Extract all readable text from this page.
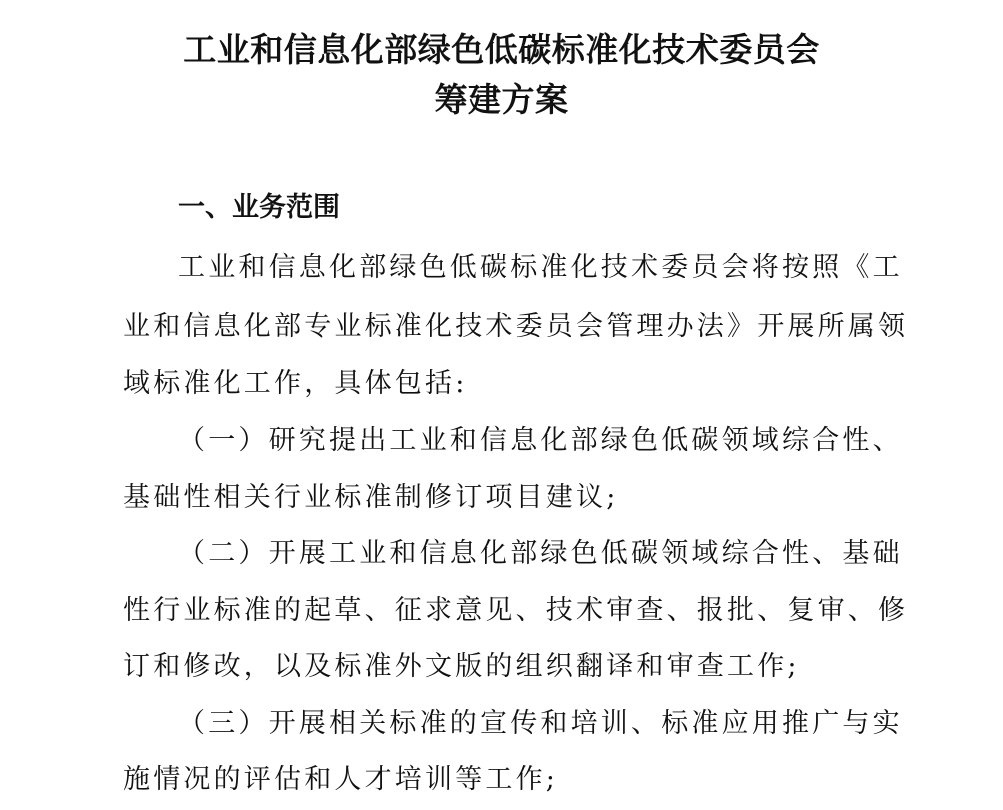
工业和信息化部绿色低碳标准化技术委员会
筹建方案
一、业务范围
工业和信息化部绿色低碳标准化技术委员会将按照《工
业和信息化部专业标准化技术委员会管理办法》开展所属领
域标准化工作，具体包括:
（一）研究提出工业和信息化部绿色低碳领域综合性、
基础性相关行业标准制修订项目建议;
（二）开展工业和信息化部绿色低碳领域综合性、基础
性行业标准的起草、征求意见、技术审查、报批、复审、修
订和修改，以及标准外文版的组织翻译和审查工作;
（三）开展相关标准的宣传和培训、标准应用推广与实
施情况的评估和人才培训等工作;
